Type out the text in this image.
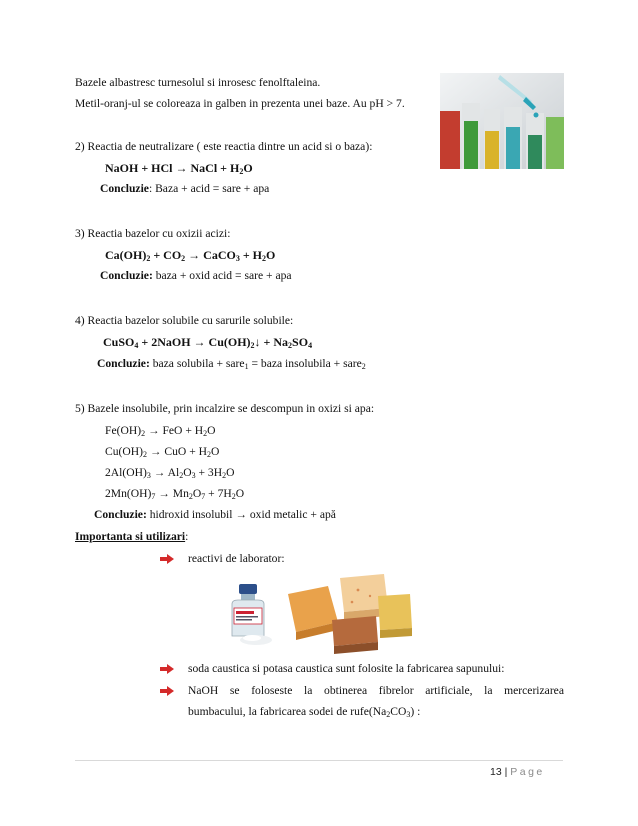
Bazele albastresc turnesolul si inrosesc fenolftaleina.
Metil-oranj-ul se coloreaza in galben in prezenta unei baze. Au pH > 7.
2) Reactia de neutralizare ( este reactia dintre un acid si o baza):
NaOH + HCl → NaCl + $H_2O$
Concluzie: Baza + acid = sare + apa
3) Reactia bazelor cu oxizii acizi:
$Ca(OH)_2 + CO_2$ → CaCO$_3$ + $H_2O$
Concluzie: baza + oxid acid = sare + apa
4) Reactia bazelor solubile cu sarurile solubile:
CuSO$_4$ + 2NaOH → $Cu(OH)_2↓ + Na_2SO_4$
Concluzie: baza solubila + sare$_1$ = baza insolubila + sare$_2$
5) Bazele insolubile, prin incalzire se descompun in oxizi si apa:
$Fe(OH)_2$ → FeO + $H_2O$
$Cu(OH)_2$ → CuO + $H_2O$
$2Al(OH)_3 \to Al_2O_3 + 3H_2O$
$2Mn(OH)_7 \to Mn_2O_7 + 7H_2O$
Concluzie: hidroxid insolubil → oxid metalic + apă
Importanta si utilizari:
reactivi de laborator:
soda caustica si potasa caustica sunt folosite la fabricarea sapunului:
NaOH se foloseste la obtinerea fibrelor artificiale, la mercerizarea
bumbacului, la fabricarea sodei de $rufe(Na_2CO_3)$ :
13 | Page
